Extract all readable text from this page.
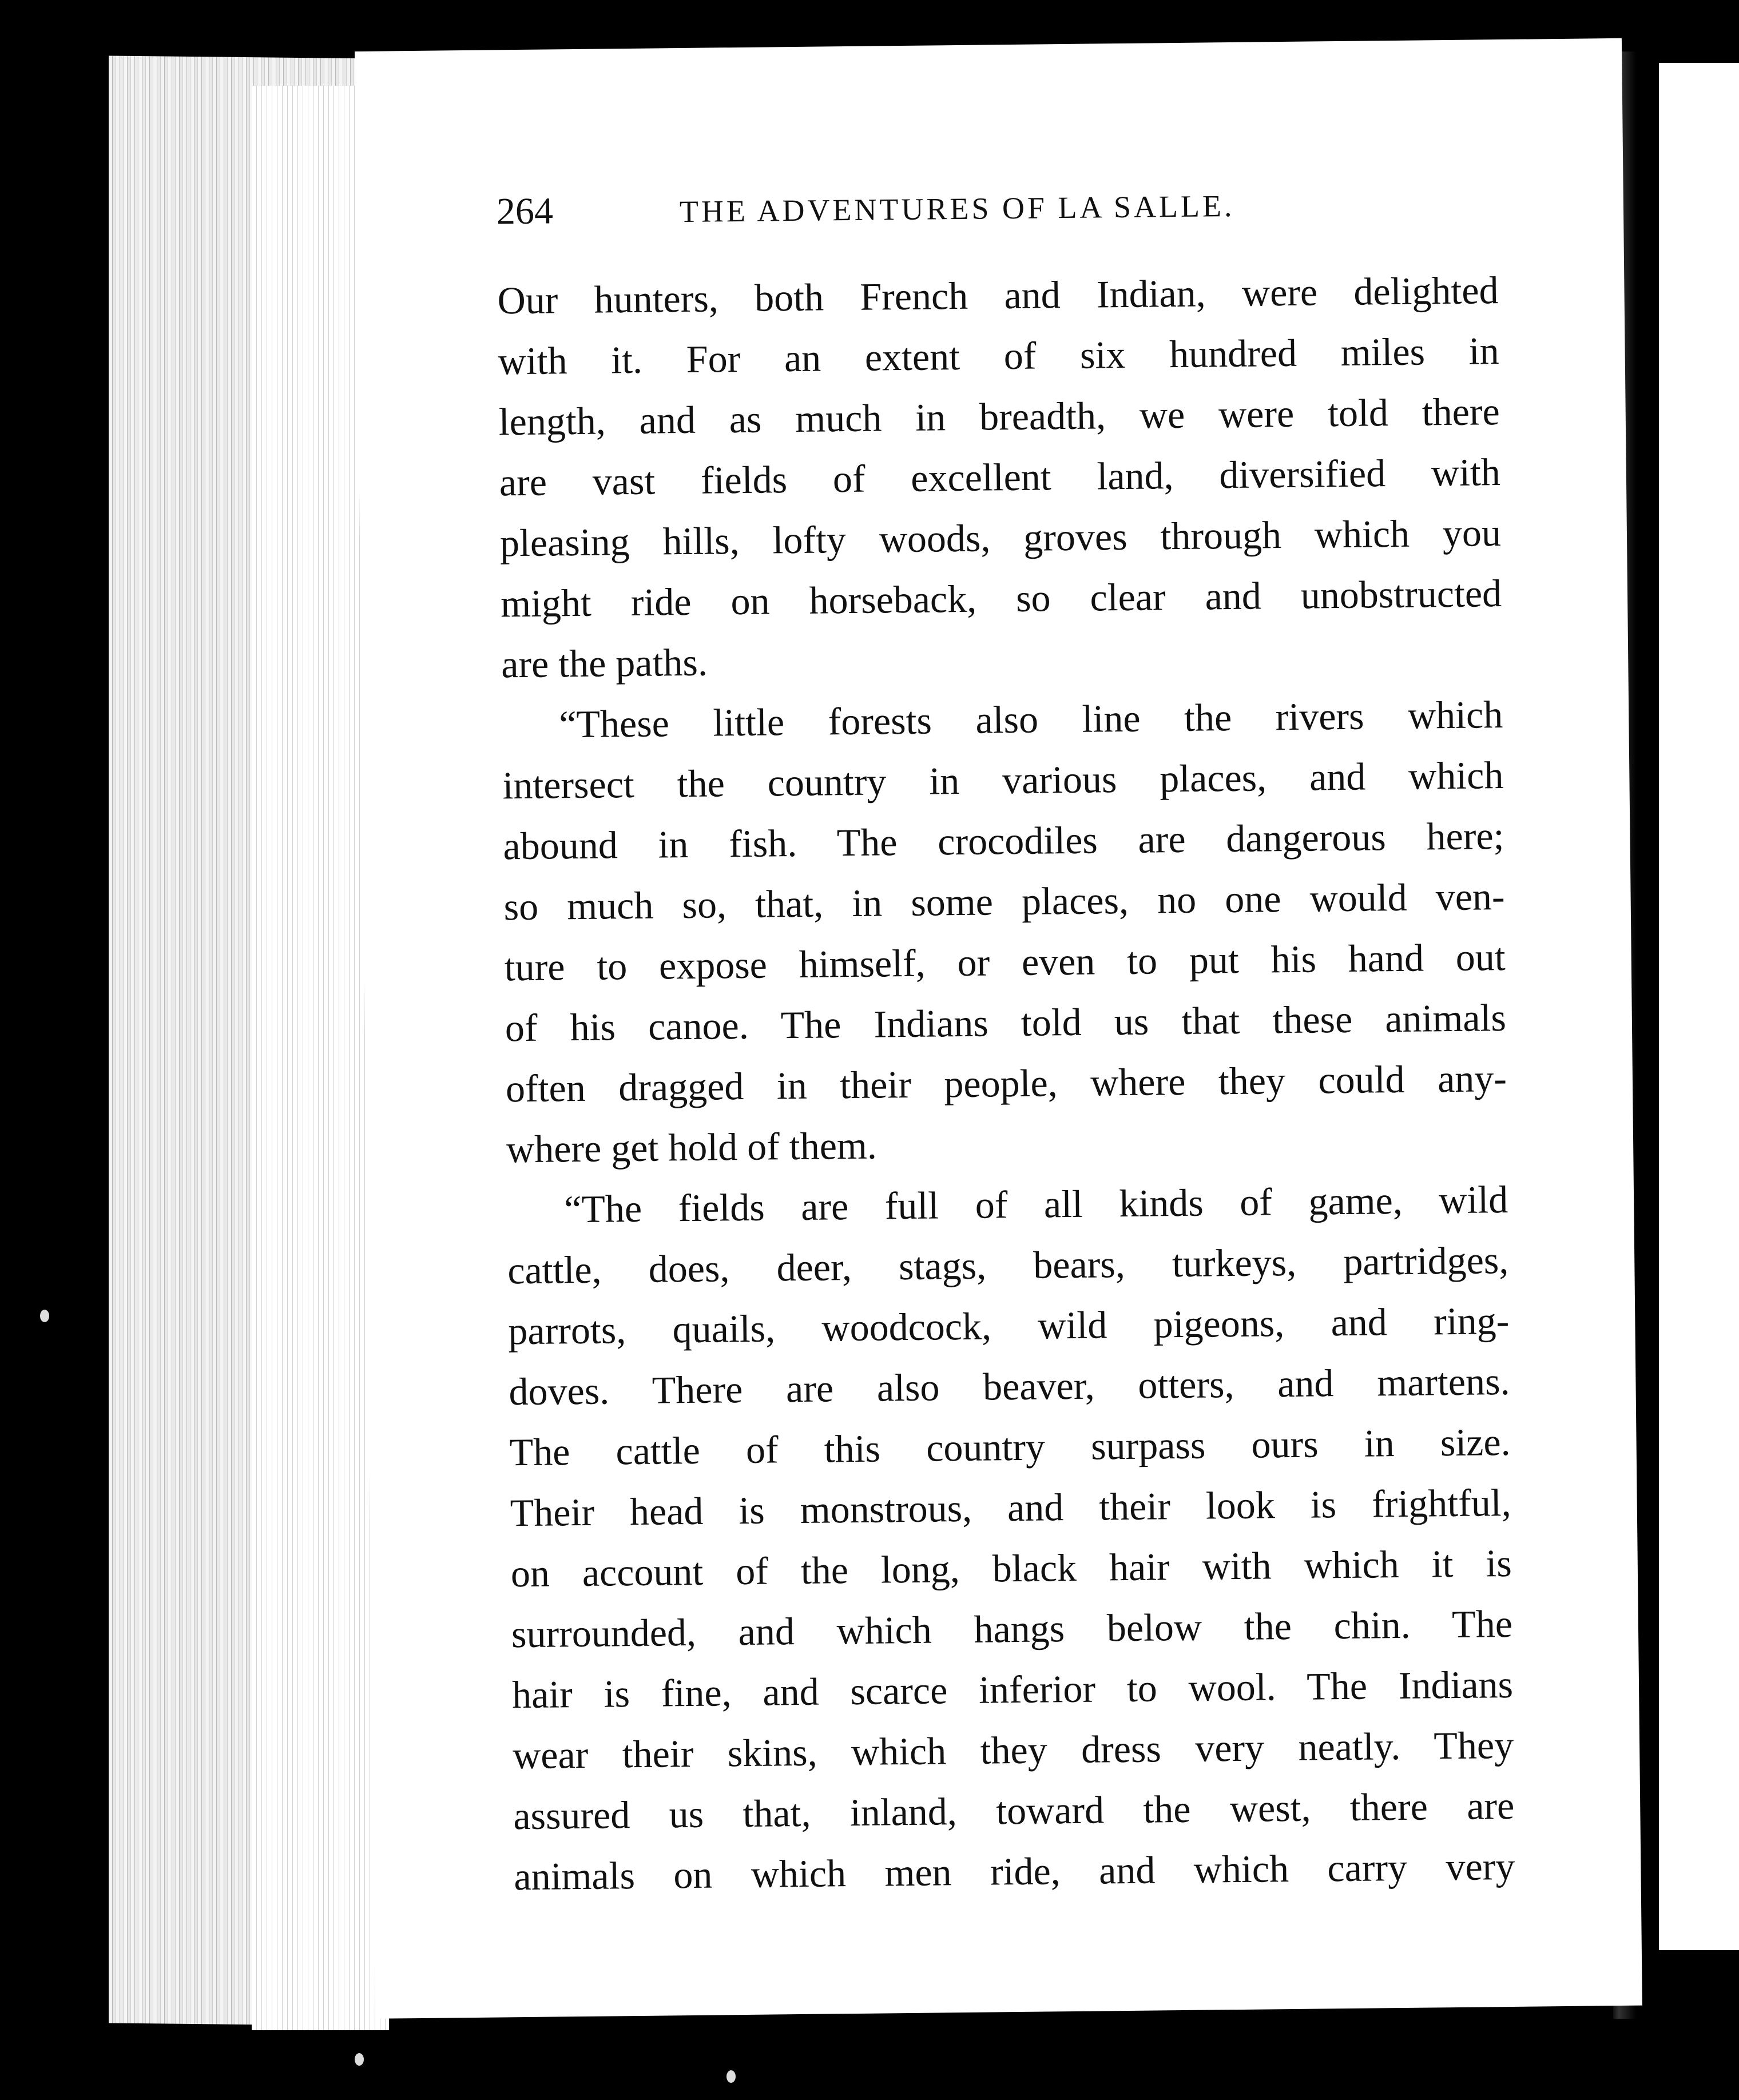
264	THE ADVENTURES OF LA SALLE.
Our hunters, both French and Indian, were delighted
with it. For an extent of six hundred miles in
length, and as much in breadth, we were told there
are vast fields of excellent land, diversified with
pleasing hills, lofty woods, groves through which you
might ride on horseback, so clear and unobstructed
are the paths.
“These little forests also line the rivers which
intersect the country in various places, and which
abound in fish. The crocodiles are dangerous here;
so much so, that, in some places, no one would ven-
ture to expose himself, or even to put his hand out
of his canoe. The Indians told us that these animals
often dragged in their people, where they could any-
where get hold of them.
“The fields are full of all kinds of game, wild
cattle, does, deer, stags, bears, turkeys, partridges,
parrots, quails, woodcock, wild pigeons, and ring-
doves. There are also beaver, otters, and martens.
The cattle of this country surpass ours in size.
Their head is monstrous, and their look is frightful,
on account of the long, black hair with which it is
surrounded, and which hangs below the chin. The
hair is fine, and scarce inferior to wool. The Indians
wear their skins, which they dress very neatly. They
assured us that, inland, toward the west, there are
animals on which men ride, and which carry very
